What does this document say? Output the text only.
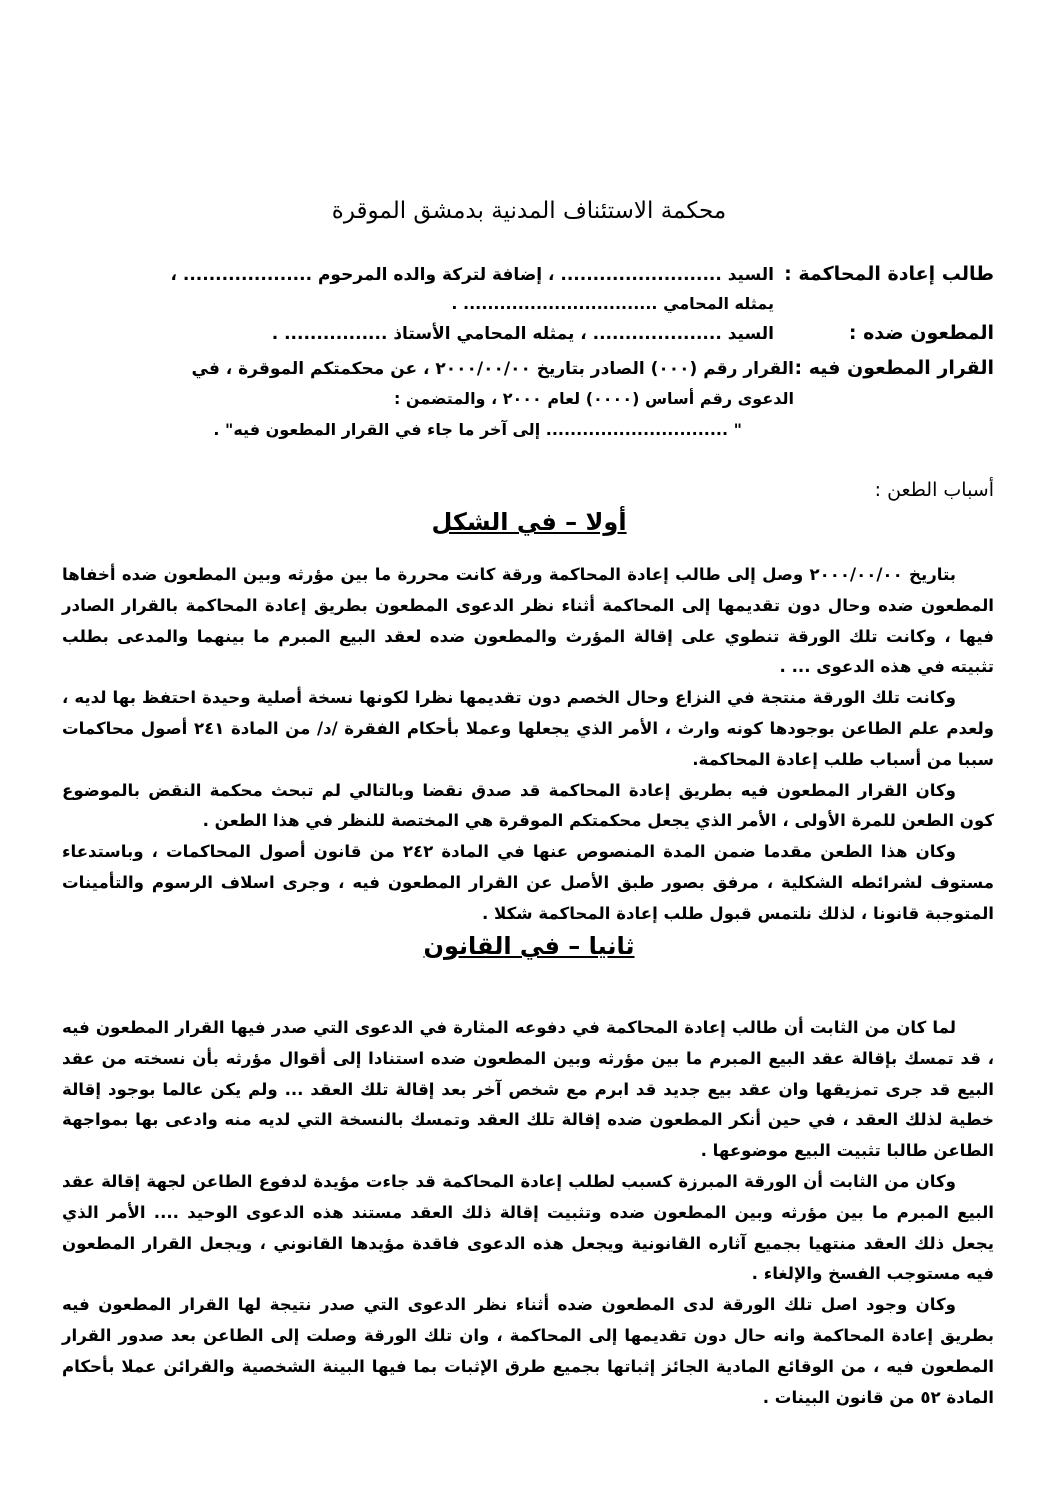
محكمة الاستئناف المدنية بدمشق الموقرة
طالب إعادة المحاكمة :السيد ......................... ، إضافة لتركة والده المرحوم .................... ،
يمثله المحامي ................................ .
المطعون ضده :السيد .................... ، يمثله المحامي الأستاذ ................ .
القرار المطعون فيه :القرار رقم (٠٠٠) الصادر بتاريخ ٢٠٠٠/٠٠/٠٠ ، عن محكمتكم الموقرة ، في
الدعوى رقم أساس (٠٠٠٠) لعام ٢٠٠٠ ، والمتضمن :
" .............................. إلى آخر ما جاء في القرار المطعون فيه" .
أسباب الطعن :
أولا – في الشكل

بتاريخ ٢٠٠٠/٠٠/٠٠ وصل إلى طالب إعادة المحاكمة ورقة كانت محررة ما بين مؤرثه وبين المطعون ضده أخفاها المطعون ضده وحال دون تقديمها إلى المحاكمة أثناء نظر الدعوى المطعون بطريق إعادة المحاكمة بالقرار الصادر فيها ، وكانت تلك الورقة تنطوي على إقالة المؤرث والمطعون ضده لعقد البيع المبرم ما بينهما والمدعى بطلب تثبيته في هذه الدعوى ... .

وكانت تلك الورقة منتجة في النزاع وحال الخصم دون تقديمها نظرا لكونها نسخة أصلية وحيدة احتفظ بها لديه ، ولعدم علم الطاعن بوجودها كونه وارث ، الأمر الذي يجعلها وعملا بأحكام الفقرة /د/ من المادة ٢٤١ أصول محاكمات سببا من أسباب طلب إعادة المحاكمة.

وكان القرار المطعون فيه بطريق إعادة المحاكمة قد صدق نقضا وبالتالي لم تبحث محكمة النقض بالموضوع كون الطعن للمرة الأولى ، الأمر الذي يجعل محكمتكم الموقرة هي المختصة للنظر في هذا الطعن .

وكان هذا الطعن مقدما ضمن المدة المنصوص عنها في المادة ٢٤٢ من قانون أصول المحاكمات ، وباستدعاء مستوف لشرائطه الشكلية ، مرفق بصور طبق الأصل عن القرار المطعون فيه ، وجرى اسلاف الرسوم والتأمينات المتوجبة قانونا ، لذلك نلتمس قبول طلب إعادة المحاكمة شكلا .

ثانيا – في القانون

لما كان من الثابت أن طالب إعادة المحاكمة في دفوعه المثارة في الدعوى التي صدر فيها القرار المطعون فيه ، قد تمسك بإقالة عقد البيع المبرم ما بين مؤرثه وبين المطعون ضده استنادا إلى أقوال مؤرثه بأن نسخته من عقد البيع قد جرى تمزيقها وان عقد بيع جديد قد ابرم مع شخص آخر بعد إقالة تلك العقد ... ولم يكن عالما بوجود إقالة خطية لذلك العقد ، في حين أنكر المطعون ضده إقالة تلك العقد وتمسك بالنسخة التي لديه منه وادعى بها بمواجهة الطاعن طالبا تثبيت البيع موضوعها .

وكان من الثابت أن الورقة المبرزة كسبب لطلب إعادة المحاكمة قد جاءت مؤيدة لدفوع الطاعن لجهة إقالة عقد البيع المبرم ما بين مؤرثه وبين المطعون ضده وتثبيت إقالة ذلك العقد مستند هذه الدعوى الوحيد .... الأمر الذي يجعل ذلك العقد منتهيا بجميع آثاره القانونية ويجعل هذه الدعوى فاقدة مؤيدها القانوني ، ويجعل القرار المطعون فيه مستوجب الفسخ والإلغاء .

وكان وجود اصل تلك الورقة لدى المطعون ضده أثناء نظر الدعوى التي صدر نتيجة لها القرار المطعون فيه بطريق إعادة المحاكمة وانه حال دون تقديمها إلى المحاكمة ، وان تلك الورقة وصلت إلى الطاعن بعد صدور القرار المطعون فيه ، من الوقائع المادية الجائز إثباتها بجميع طرق الإثبات بما فيها البينة الشخصية والقرائن عملا بأحكام المادة ٥٢ من قانون البينات .
